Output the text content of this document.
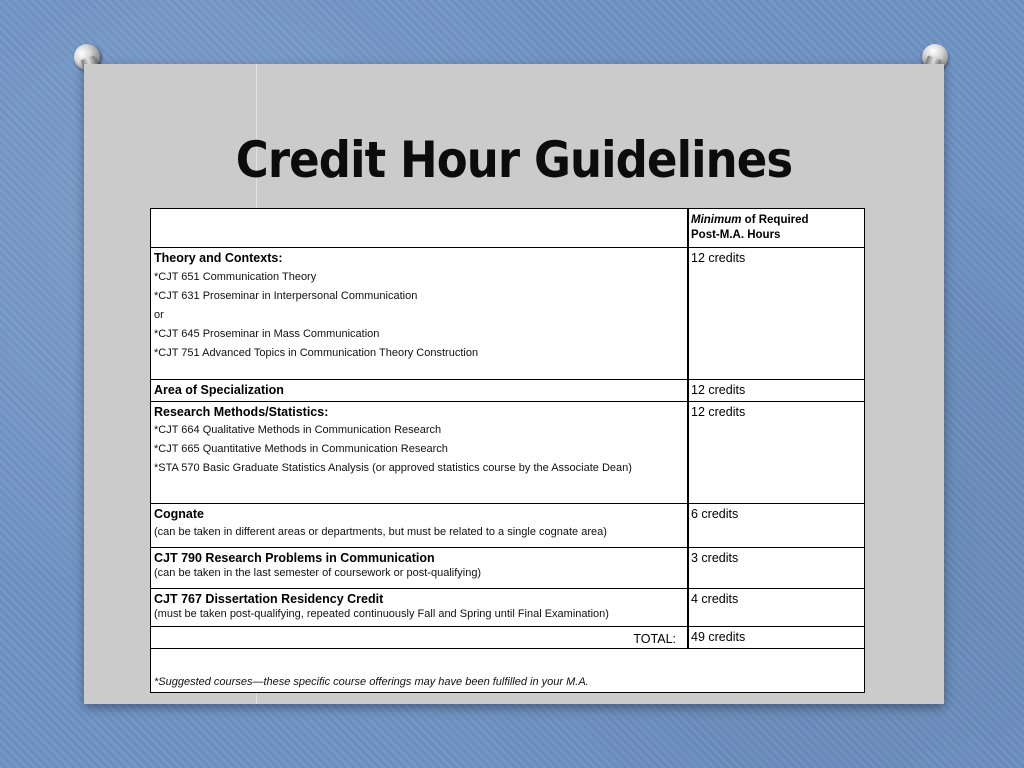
Credit Hour Guidelines
Minimum of Required
Post-M.A. Hours
Theory and Contexts:
*CJT 651 Communication Theory
*CJT 631 Proseminar in Interpersonal Communication
or
*CJT 645 Proseminar in Mass Communication
*CJT 751 Advanced Topics in Communication Theory Construction
12 credits
Area of Specialization	12 credits
Research Methods/Statistics:
*CJT 664 Qualitative Methods in Communication Research
*CJT 665 Quantitative Methods in Communication Research
*STA 570 Basic Graduate Statistics Analysis (or approved statistics course by the Associate Dean)
12 credits
Cognate
(can be taken in different areas or departments, but must be related to a single cognate area)
6 credits
CJT 790 Research Problems in Communication
(can be taken in the last semester of coursework or post-qualifying)
3 credits
CJT 767 Dissertation Residency Credit
(must be taken post-qualifying, repeated continuously Fall and Spring until Final Examination)
4 credits
TOTAL: 49 credits
*Suggested courses—these specific course offerings may have been fulfilled in your M.A.
